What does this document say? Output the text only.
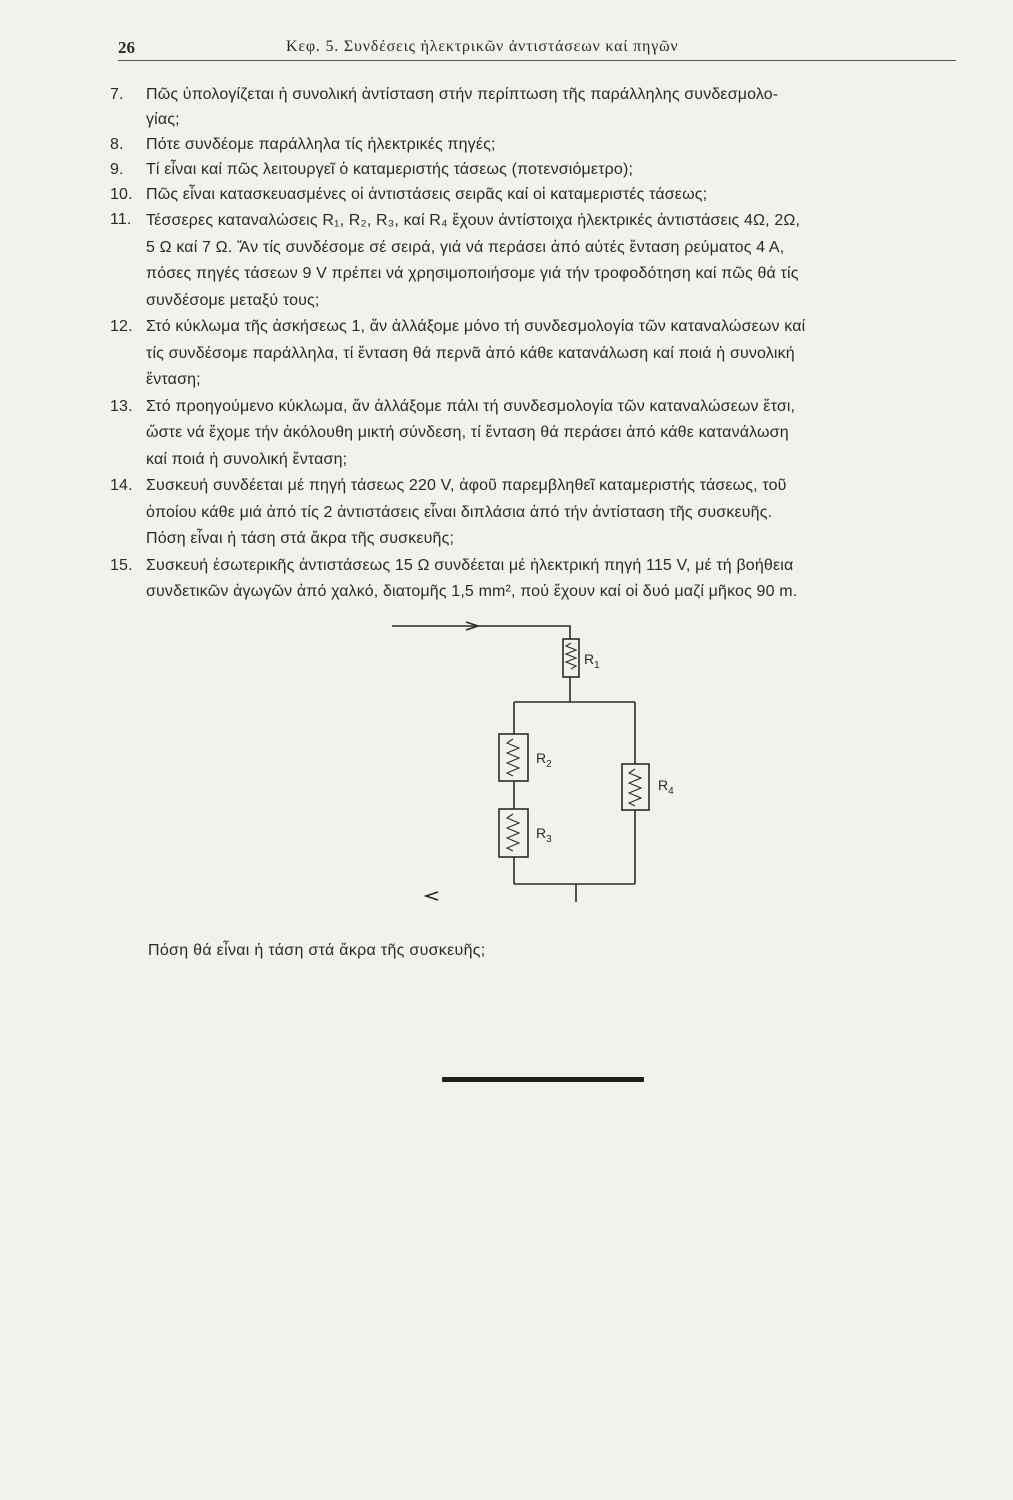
26	Κεφ. 5. Συνδέσεις ἠλεκτρικῶν ἀντιστάσεων καί πηγῶν
7.	Πῶς ὑπολογίζεται ἡ συνολική ἀντίσταση στήν περίπτωση τῆς παράλληλης συνδεσμολο-
γίας;
8.	Πότε συνδέομε παράλληλα τίς ἠλεκτρικές πηγές;
9.	Τί εἶναι καί πῶς λειτουργεῖ ὁ καταμεριστής τάσεως (ποτενσιόμετρο);
10. Πῶς εἶναι κατασκευασμένες οἱ ἀντιστάσεις σειρᾶς καί οἱ καταμεριστές τάσεως;
11. Τέσσερες καταναλώσεις R₁, R₂, R₃, καί R₄ ἔχουν ἀντίστοιχα ἠλεκτρικές ἀντιστάσεις 4Ω, 2Ω,
5 Ω καί 7 Ω. Ἄν τίς συνδέσομε σέ σειρά, γιά νά περάσει ἀπό αὐτές ἔνταση ρεύματος 4 Α,
πόσες πηγές τάσεων 9 V πρέπει νά χρησιμοποιήσομε γιά τήν τροφοδότηση καί πῶς θά τίς
συνδέσομε μεταξύ τους;
12. Στό κύκλωμα τῆς ἀσκήσεως 1, ἄν ἀλλάξομε μόνο τή συνδεσμολογία τῶν καταναλώσεων καί
τίς συνδέσομε παράλληλα, τί ἔνταση θά περνᾶ ἀπό κάθε κατανάλωση καί ποιά ἡ συνολική
ἔνταση;
13. Στό προηγούμενο κύκλωμα, ἄν ἀλλάξομε πάλι τή συνδεσμολογία τῶν καταναλώσεων ἔτσι,
ὥστε νά ἔχομε τήν ἀκόλουθη μικτή σύνδεση, τί ἔνταση θά περάσει ἀπό κάθε κατανάλωση
καί ποιά ἡ συνολική ἔνταση;
14. Συσκευή συνδέεται μέ πηγή τάσεως 220 V, ἀφοῦ παρεμβληθεῖ καταμεριστής τάσεως, τοῦ
ὁποίου κάθε μιά ἀπό τίς 2 ἀντιστάσεις εἶναι διπλάσια ἀπό τήν ἀντίσταση τῆς συσκευῆς.
Πόση εἶναι ἡ τάση στά ἄκρα τῆς συσκευῆς;
15. Συσκευή ἐσωτερικῆς ἀντιστάσεως 15 Ω συνδέεται μέ ἠλεκτρική πηγή 115 V, μέ τή βοήθεια
συνδετικῶν ἀγωγῶν ἀπό χαλκό, διατομῆς 1,5 mm², πού ἔχουν καί οἱ δυό μαζί μῆκος 90 m.
$R_1$
$R_2$
$R_3$
$R_4$
Πόση θά εἶναι ἡ τάση στά ἄκρα τῆς συσκευῆς;
